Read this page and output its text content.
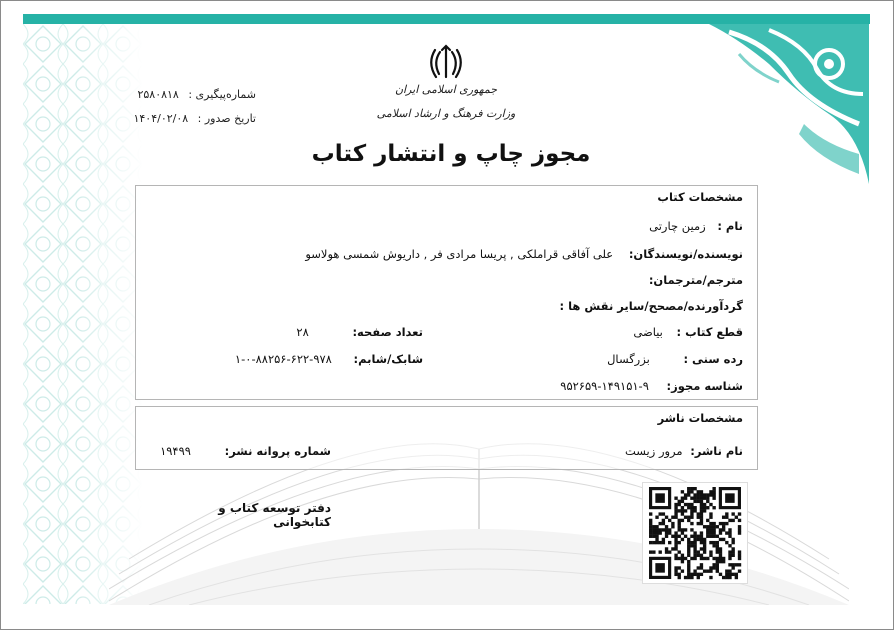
شماره‌پیگیری : ۲۵۸۰۸۱۸
تاریخ صدور : ۱۴۰۴/۰۲/۰۸
جمهوری اسلامی ایران
وزارت فرهنگ و ارشاد اسلامی
مجوز چاپ و انتشار کتاب
مشخصات کتاب
نام : زمین چارتی
نویسنده/نویسندگان: علی آفاقی قراملکی , پریسا مرادی فر , داریوش شمسی هولاسو
مترجم/مترجمان:
گردآورنده/مصحح/سایر نقش ها :
قطع کتاب : بیاضی
تعداد صفحه: ۲۸
رده سنی : بزرگسال
شابک/شابم: ۹۷۸-۶۲۲-۸۸۲۵۶-۰-۱
شناسه مجوز: ۹-۱۴۹۱۵۱-۹۵۲۶۵۹
مشخصات ناشر
نام ناشر: مرور زیست
شماره پروانه نشر: ۱۹۴۹۹
دفتر توسعه کتاب و کتابخوانی
